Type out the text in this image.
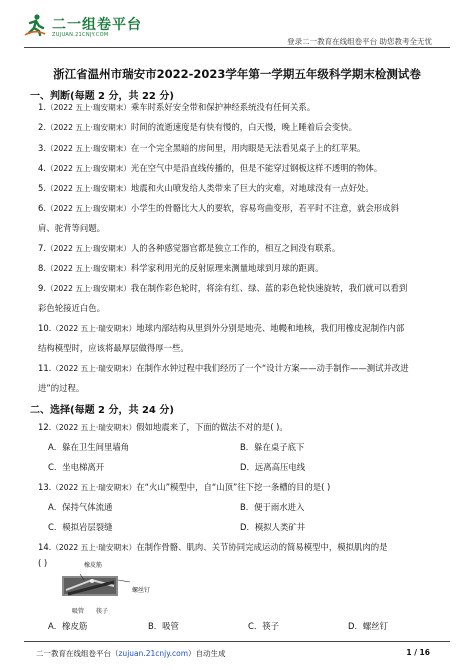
二一组卷平台
ZUJUAN.21CNJY.COM
登录二一教育在线组卷平台 助您教考全无忧
浙江省温州市瑞安市2022-2023学年第一学期五年级科学期末检测试卷
一、判断(每题 2 分，共 22 分)
1.（2022 五上·瑞安期末）乘车时系好安全带和保护神经系统没有任何关系。
2.（2022 五上·瑞安期末）时间的流逝速度是有快有慢的，白天慢，晚上睡着后会变快。
3.（2022 五上·瑞安期末）在一个完全黑暗的房间里，用肉眼是无法看见桌子上的红苹果。
4.（2022 五上·瑞安期末）光在空气中是沿直线传播的，但是不能穿过钢板这样不透明的物体。
5.（2022 五上·瑞安期末）地震和火山喷发给人类带来了巨大的灾难，对地球没有一点好处。
6.（2022 五上·瑞安期末）小学生的骨骼比大人的要软，容易弯曲变形，若平时不注意，就会形成斜
肩、驼背等问题。
7.（2022 五上·瑞安期末）人的各种感觉器官都是独立工作的，相互之间没有联系。
8.（2022 五上·瑞安期末）科学家利用光的反射原理来测量地球到月球的距离。
9.（2022 五上·瑞安期末）我在制作彩色轮时，将涂有红、绿、蓝的彩色轮快速旋转，我们就可以看到
彩色轮接近白色。
10.（2022 五上·瑞安期末）地球内部结构从里到外分别是地壳、地幔和地核，我们用橡皮泥制作内部
结构模型时，应该将最厚层做得厚一些。
11.（2022 五上·瑞安期末）在制作水钟过程中我们经历了一个“设计方案——动手制作——测试并改进
进”的过程。
二、选择(每题 2 分，共 24 分)
12.（2022 五上·瑞安期末）假如地震来了，下面的做法不对的是( )。
A．躲在卫生间里墙角	B．躲在桌子底下
C．坐电梯离开	D．远离高压电线
13.（2022 五上·瑞安期末）在“火山”模型中，自“山顶”往下挖一条槽的目的是( )
A．保持气体流通	B．便于雨水进入
C．模拟岩层裂缝	D．模拟人类矿井
14.（2022 五上·瑞安期末）在制作骨骼、肌肉、关节协同完成运动的简易模型中，模拟肌肉的是
( )	橡皮筋
螺丝钉
吸管 筷子
A．橡皮筋	B．吸管	C．筷子	D．螺丝钉
二一教育在线组卷平台（zujuan.21cnjy.com）自动生成	1 / 16
